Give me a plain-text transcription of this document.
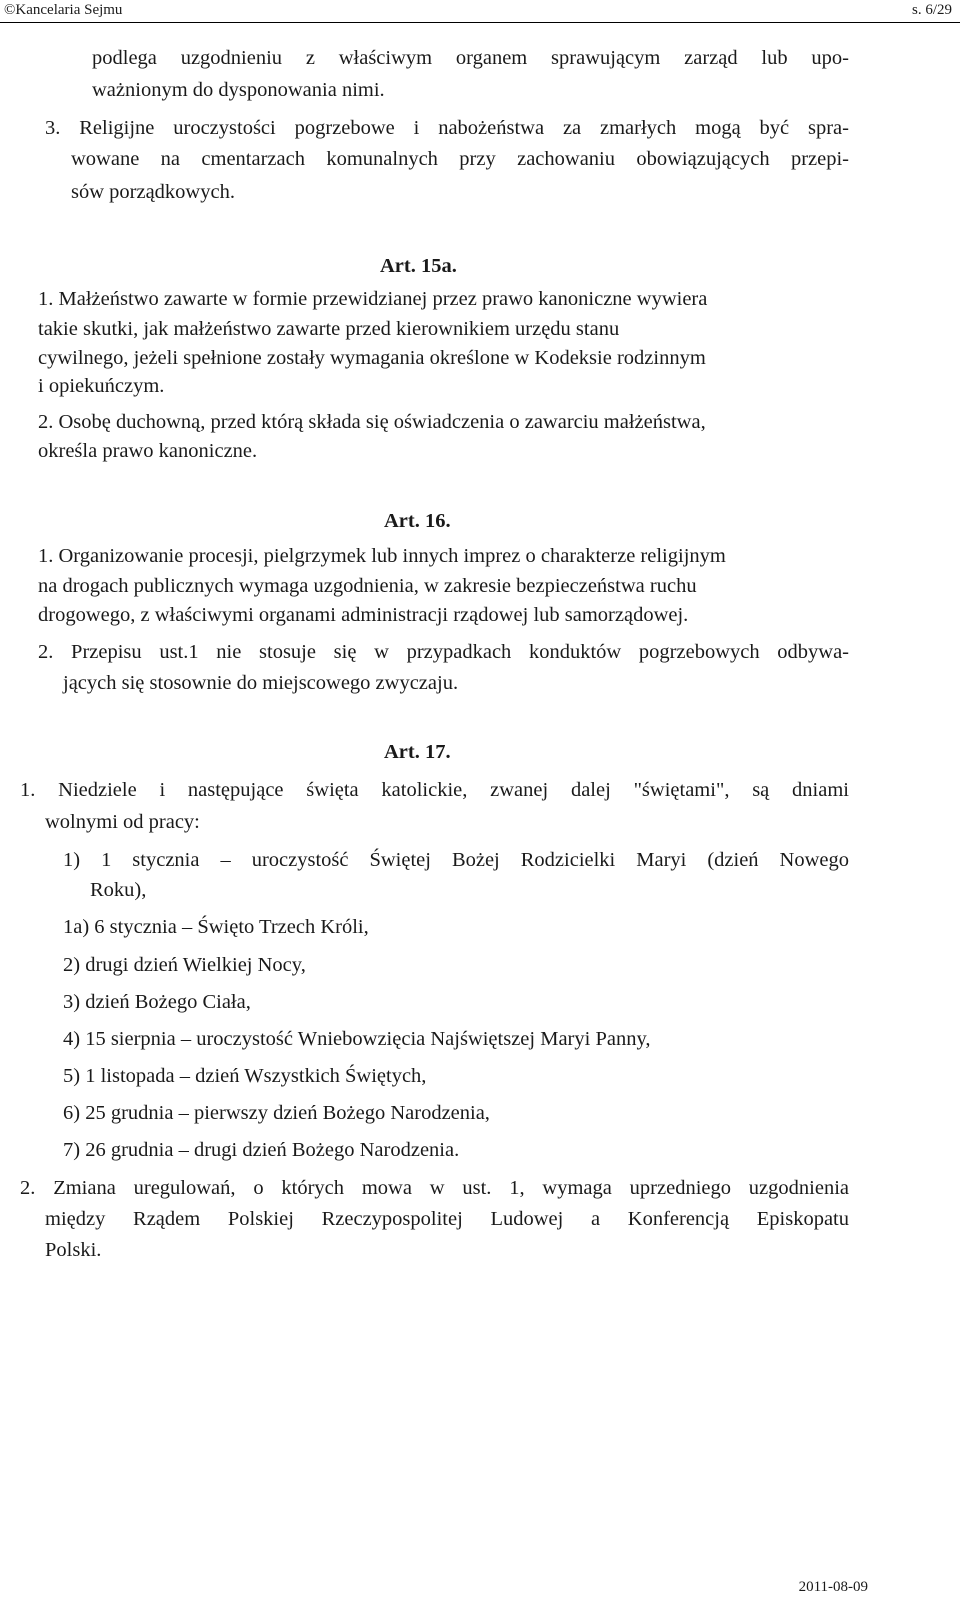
©Kancelaria Sejmu	s. 6/29
podlega uzgodnieniu z właściwym organem sprawującym zarząd lub upo-
ważnionym do dysponowania nimi.
3. Religijne uroczystości pogrzebowe i nabożeństwa za zmarłych mogą być spra-
wowane na cmentarzach komunalnych przy zachowaniu obowiązujących przepi-
sów porządkowych.
Art. 15a.
1. Małżeństwo zawarte w formie przewidzianej przez prawo kanoniczne wywiera
takie skutki, jak małżeństwo zawarte przed kierownikiem urzędu stanu
cywilnego, jeżeli spełnione zostały wymagania określone w Kodeksie rodzinnym
i opiekuńczym.
2. Osobę duchowną, przed którą składa się oświadczenia o zawarciu małżeństwa,
określa prawo kanoniczne.
Art. 16.
1. Organizowanie procesji, pielgrzymek lub innych imprez o charakterze religijnym
na drogach publicznych wymaga uzgodnienia, w zakresie bezpieczeństwa ruchu
drogowego, z właściwymi organami administracji rządowej lub samorządowej.
2. Przepisu ust.1 nie stosuje się w przypadkach konduktów pogrzebowych odbywa-
jących się stosownie do miejscowego zwyczaju.
Art. 17.
1. Niedziele i następujące święta katolickie, zwanej dalej "świętami", są dniami
wolnymi od pracy:
1) 1 stycznia – uroczystość Świętej Bożej Rodzicielki Maryi (dzień Nowego
Roku),
1a) 6 stycznia – Święto Trzech Króli,
2) drugi dzień Wielkiej Nocy,
3) dzień Bożego Ciała,
4) 15 sierpnia – uroczystość Wniebowzięcia Najświętszej Maryi Panny,
5) 1 listopada – dzień Wszystkich Świętych,
6) 25 grudnia – pierwszy dzień Bożego Narodzenia,
7) 26 grudnia – drugi dzień Bożego Narodzenia.
2. Zmiana uregulowań, o których mowa w ust. 1, wymaga uprzedniego uzgodnienia
między Rządem Polskiej Rzeczypospolitej Ludowej a Konferencją Episkopatu
Polski.
2011-08-09
